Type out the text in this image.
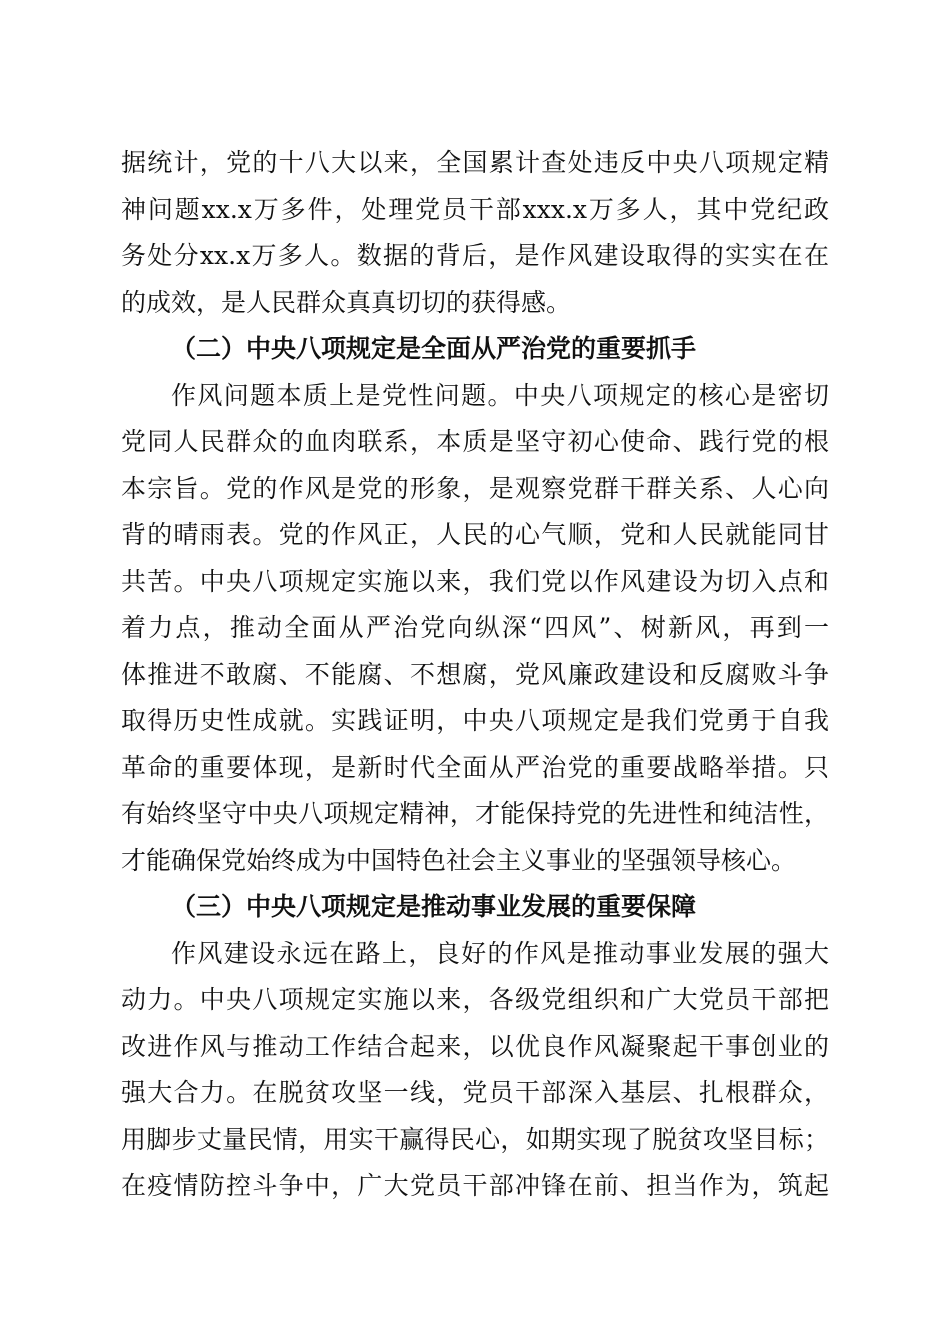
据统计，党的十八大以来，全国累计查处违反中央八项规定精
神问题xx.x万多件，处理党员干部xxx.x万多人，其中党纪政
务处分xx.x万多人。数据的背后，是作风建设取得的实实在在
的成效，是人民群众真真切切的获得感。
（二）中央八项规定是全面从严治党的重要抓手
作风问题本质上是党性问题。中央八项规定的核心是密切
党同人民群众的血肉联系，本质是坚守初心使命、践行党的根
本宗旨。党的作风是党的形象，是观察党群干群关系、人心向
背的晴雨表。党的作风正，人民的心气顺，党和人民就能同甘
共苦。中央八项规定实施以来，我们党以作风建设为切入点和
着力点，推动全面从严治党向纵深“四风”、树新风，再到一
体推进不敢腐、不能腐、不想腐，党风廉政建设和反腐败斗争
取得历史性成就。实践证明，中央八项规定是我们党勇于自我
革命的重要体现，是新时代全面从严治党的重要战略举措。只
有始终坚守中央八项规定精神，才能保持党的先进性和纯洁性，
才能确保党始终成为中国特色社会主义事业的坚强领导核心。
（三）中央八项规定是推动事业发展的重要保障
作风建设永远在路上，良好的作风是推动事业发展的强大
动力。中央八项规定实施以来，各级党组织和广大党员干部把
改进作风与推动工作结合起来，以优良作风凝聚起干事创业的
强大合力。在脱贫攻坚一线，党员干部深入基层、扎根群众，
用脚步丈量民情，用实干赢得民心，如期实现了脱贫攻坚目标；
在疫情防控斗争中，广大党员干部冲锋在前、担当作为，筑起
